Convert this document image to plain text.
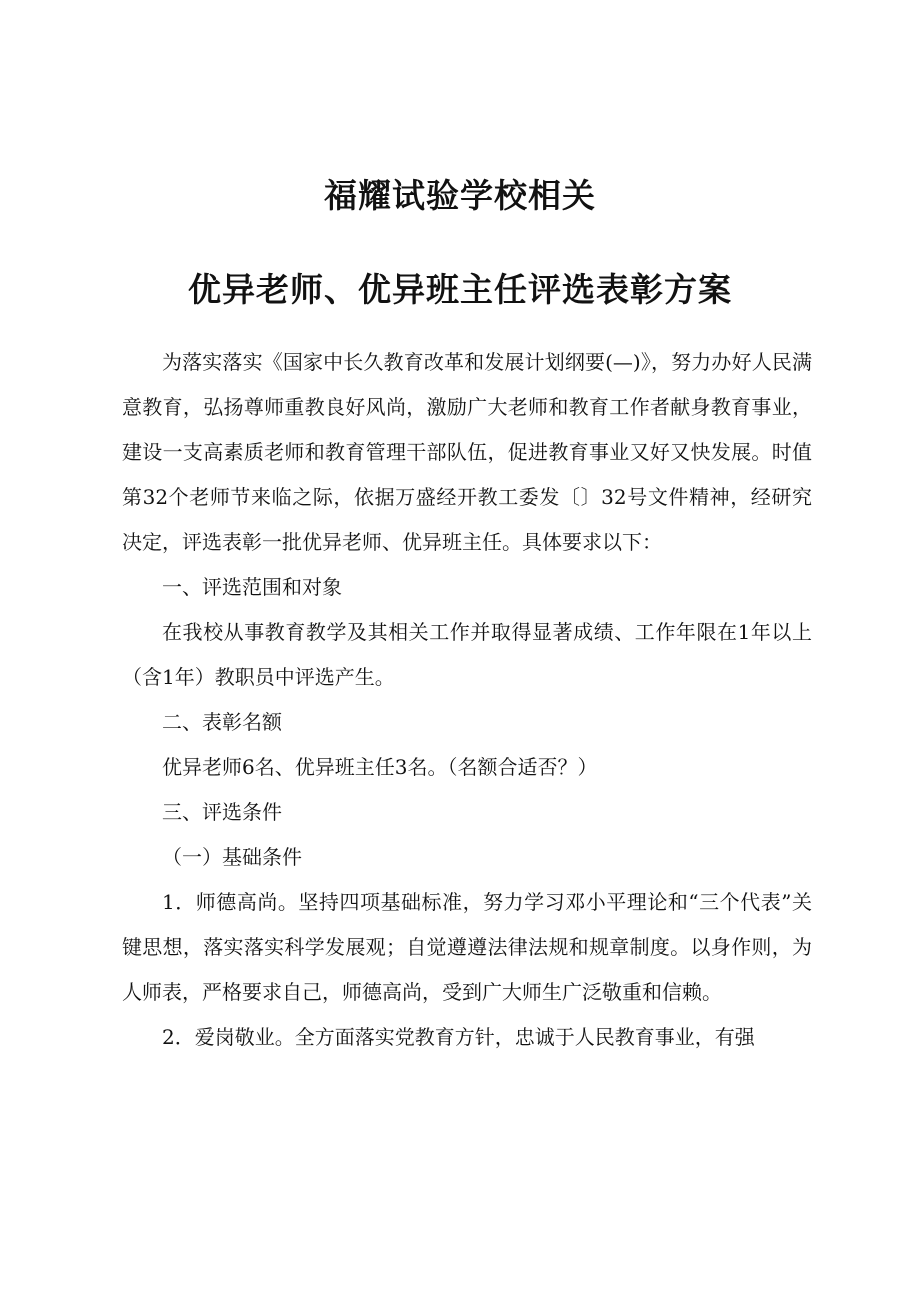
福耀试验学校相关
优异老师、优异班主任评选表彰方案

为落实落实《国家中长久教育改革和发展计划纲要(—)》，努力办好人民满意教育，弘扬尊师重教良好风尚，激励广大老师和教育工作者献身教育事业，建设一支高素质老师和教育管理干部队伍，促进教育事业又好又快发展。时值第32个老师节来临之际，依据万盛经开教工委发〔〕32号文件精神，经研究决定，评选表彰一批优异老师、优异班主任。具体要求以下：

一、评选范围和对象

在我校从事教育教学及其相关工作并取得显著成绩、工作年限在1年以上（含1年）教职员中评选产生。

二、表彰名额

优异老师6名、优异班主任3名。（名额合适否？）

三、评选条件

（一）基础条件

1．师德高尚。坚持四项基础标准，努力学习邓小平理论和“三个代表”关键思想，落实落实科学发展观；自觉遵遵法律法规和规章制度。以身作则，为人师表，严格要求自己，师德高尚，受到广大师生广泛敬重和信赖。

2．爱岗敬业。全方面落实党教育方针，忠诚于人民教育事业，有强
